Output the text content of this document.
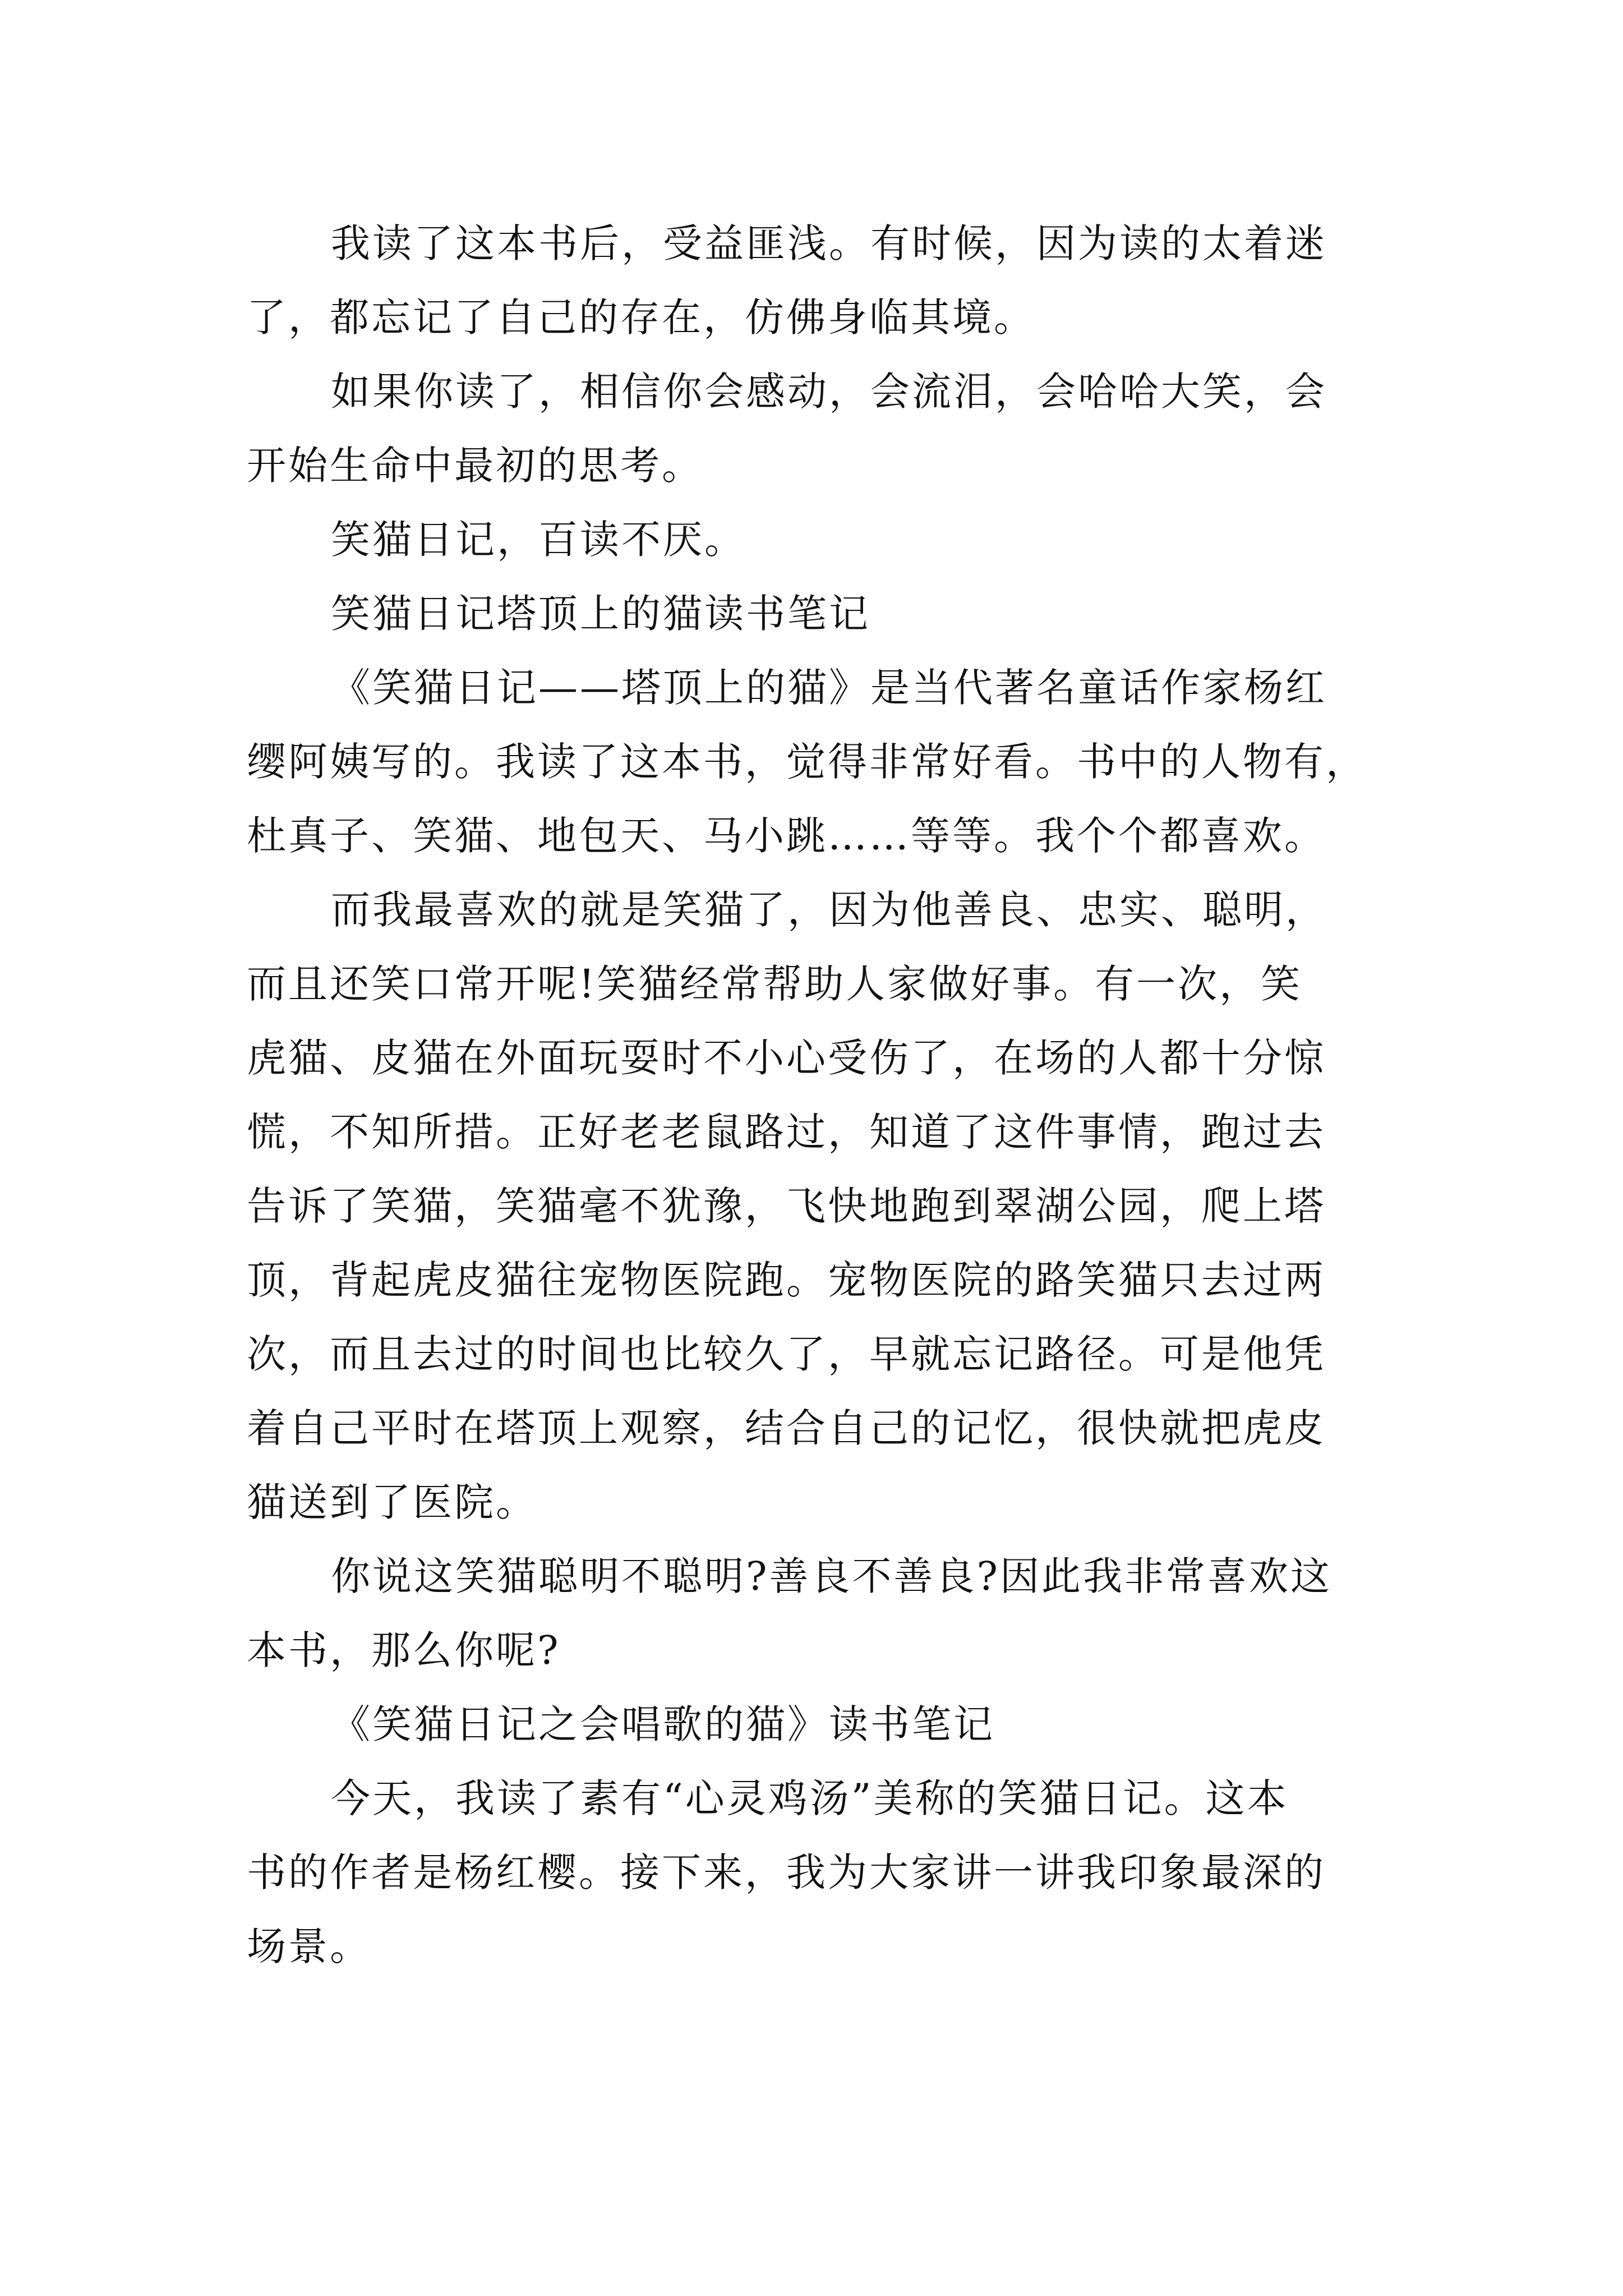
我读了这本书后，受益匪浅。有时候，因为读的太着迷
了，都忘记了自己的存在，仿佛身临其境。
如果你读了，相信你会感动，会流泪，会哈哈大笑，会
开始生命中最初的思考。
笑猫日记，百读不厌。
笑猫日记塔顶上的猫读书笔记
《笑猫日记——塔顶上的猫》是当代著名童话作家杨红
缨阿姨写的。我读了这本书，觉得非常好看。书中的人物有，
杜真子、笑猫、地包天、马小跳……等等。我个个都喜欢。
而我最喜欢的就是笑猫了，因为他善良、忠实、聪明，
而且还笑口常开呢!笑猫经常帮助人家做好事。有一次，笑
虎猫、皮猫在外面玩耍时不小心受伤了，在场的人都十分惊
慌，不知所措。正好老老鼠路过，知道了这件事情，跑过去
告诉了笑猫，笑猫毫不犹豫，飞快地跑到翠湖公园，爬上塔
顶，背起虎皮猫往宠物医院跑。宠物医院的路笑猫只去过两
次，而且去过的时间也比较久了，早就忘记路径。可是他凭
着自己平时在塔顶上观察，结合自己的记忆，很快就把虎皮
猫送到了医院。
你说这笑猫聪明不聪明?善良不善良?因此我非常喜欢这
本书，那么你呢?
《笑猫日记之会唱歌的猫》读书笔记
今天，我读了素有“心灵鸡汤”美称的笑猫日记。这本
书的作者是杨红樱。接下来，我为大家讲一讲我印象最深的
场景。
